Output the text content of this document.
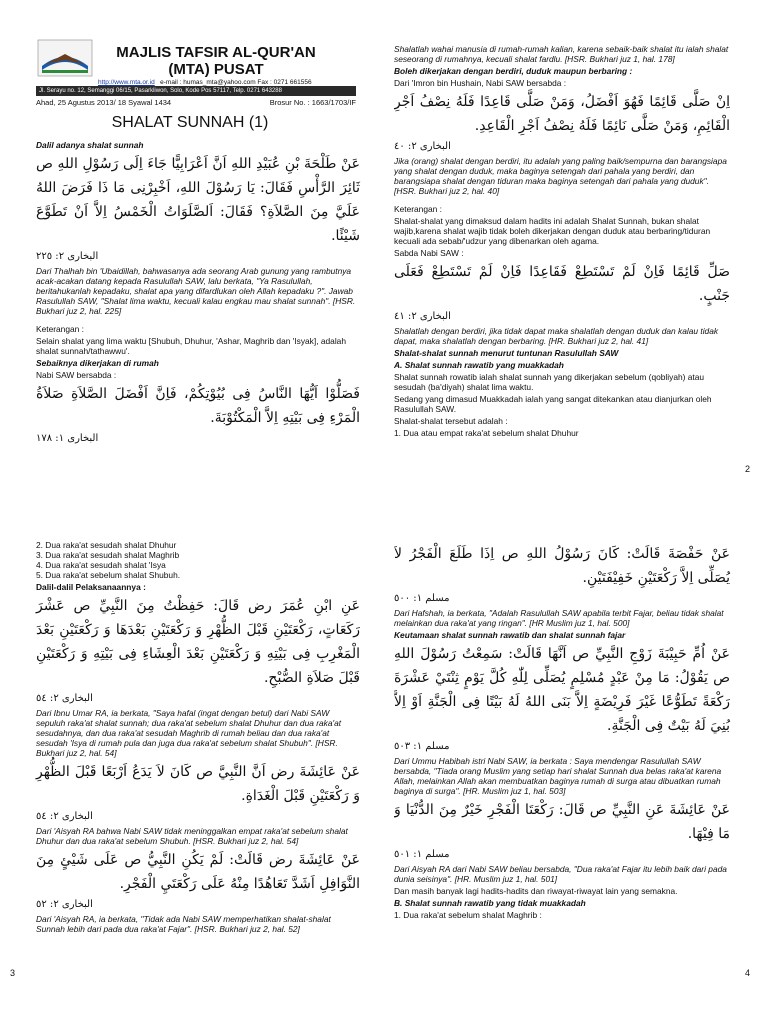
MAJLIS TAFSIR AL-QUR'AN
(MTA) PUSAT
http://www.mta.or.id e-mail : humas_mta@yahoo.com Fax : 0271 661556
Jl. Serayu no. 12, Semanggi 06/15, Pasarkliwon, Solo, Kode Pos 57117, Telp. 0271 643288
Ahad, 25 Agustus 2013/ 18 Syawal 1434	Brosur No. : 1663/1703/IF
SHALAT SUNNAH (1)
Dalil adanya shalat sunnah
عَنْ طَلْحَةَ بْنِ عُبَيْدِ اللهِ اَنَّ اَعْرَابِيًّا جَاءَ اِلَى رَسُوْلِ اللهِ ص ثَائِرَ الرَّأْسِ فَقَالَ: يَا رَسُوْلَ اللهِ، اَخْبِرْنِى مَا ذَا فَرَضَ اللهُ عَلَيَّ مِنَ الصَّلاَةِ؟ فَقَالَ: اَلصَّلَوَاتُ الْخَمْسُ اِلاَّ اَنْ تَطَوَّعَ شَيْئًا.
البخارى ٢: ٢٢٥
Dari Thalhah bin 'Ubaidillah, bahwasanya ada seorang Arab gunung yang rambutnya acak-acakan datang kepada Rasulullah SAW, lalu berkata, "Ya Rasulullah, beritahukanlah kepadaku, shalat apa yang difardlukan oleh Allah kepadaku ?". Jawab Rasulullah SAW, "Shalat lima waktu, kecuali kalau engkau mau shalat sunnah". [HSR. Bukhari juz 2, hal. 225]
Keterangan :
Selain shalat yang lima waktu [Shubuh, Dhuhur, 'Ashar, Maghrib dan 'Isyak], adalah shalat sunnah/tathawwu'.
Sebaiknya dikerjakan di rumah
Nabi SAW bersabda :
فَصَلُّوْا اَيُّهَا النَّاسُ فِى بُيُوْتِكُمْ، فَاِنَّ اَفْضَلَ الصَّلاَةِ صَلاَةُ الْمَرْءِ فِى بَيْتِهِ اِلاَّ الْمَكْتُوْبَةَ.
البخارى ١: ١٧٨
Shalatlah wahai manusia di rumah-rumah kalian, karena sebaik-baik shalat itu ialah shalat seseorang di rumahnya, kecuali shalat fardlu. [HSR. Bukhari juz 1, hal. 178]
Boleh dikerjakan dengan berdiri, duduk maupun berbaring :
Dari 'Imron bin Hushain, Nabi SAW bersabda :
اِنْ صَلَّى قَائِمًا فَهُوَ اَفْضَلُ، وَمَنْ صَلَّى قَاعِدًا فَلَهُ نِصْفُ اَجْرِ الْقَائِمِ، وَمَنْ صَلَّى نَائِمًا فَلَهُ نِصْفُ اَجْرِ الْقَاعِدِ.
البخارى ٢: ٤٠
Jika (orang) shalat dengan berdiri, itu adalah yang paling baik/sempurna dan barangsiapa yang shalat dengan duduk, maka baginya setengah dari pahala yang berdiri, dan barangsiapa shalat dengan tiduran maka baginya setengah dari pahala yang duduk". [HSR. Bukhari juz 2, hal. 40]
Keterangan :
Shalat-shalat yang dimaksud dalam hadits ini adalah Shalat Sunnah, bukan shalat wajib,karena shalat wajib tidak boleh dikerjakan dengan duduk atau berbaring/tiduran kecuali ada sebab/'udzur yang dibenarkan oleh agama.
Sabda Nabi SAW :
صَلِّ قَائِمًا فَاِنْ لَمْ تَسْتَطِعْ فَقَاعِدًا فَاِنْ لَمْ تَسْتَطِعْ فَعَلَى جَنْبٍ.
البخارى ٢: ٤١
Shalatlah dengan berdiri, jika tidak dapat maka shalatlah dengan duduk dan kalau tidak dapat, maka shalatlah dengan berbaring. [HR. Bukhari juz 2, hal. 41]
Shalat-shalat sunnah menurut tuntunan Rasulullah SAW
A. Shalat sunnah rawatib yang muakkadah
Shalat sunnah rowatib ialah shalat sunnah yang dikerjakan sebelum (qobliyah) atau sesudah (ba'diyah) shalat lima waktu.
Sedang yang dimasud Muakkadah ialah yang sangat ditekankan atau dianjurkan oleh Rasulullah SAW.
Shalat-shalat tersebut adalah :
1. Dua atau empat raka'at sebelum shalat Dhuhur
2
2. Dua raka'at sesudah shalat Dhuhur
3. Dua raka'at sesudah shalat Maghrib
4. Dua raka'at sesudah shalat 'Isya
5. Dua raka'at sebelum shalat Shubuh.
Dalil-dalil Pelaksanaannya :
عَنِ ابْنِ عُمَرَ رض قَالَ: حَفِظْتُ مِنَ النَّبِيِّ ص عَشْرَ رَكَعَاتٍ، رَكْعَتَيْنِ قَبْلَ الظُّهْرِ وَ رَكْعَتَيْنِ بَعْدَهَا وَ رَكْعَتَيْنِ بَعْدَ الْمَغْرِبِ فِى بَيْتِهِ وَ رَكْعَتَيْنِ بَعْدَ الْعِشَاءِ فِى بَيْتِهِ وَ رَكْعَتَيْنِ قَبْلَ صَلاَةِ الصُّبْحِ.
البخارى ٢: ٥٤
Dari Ibnu Umar RA, ia berkata, "Saya hafal (ingat dengan betul) dari Nabi SAW sepuluh raka'at shalat sunnah; dua raka'at sebelum shalat Dhuhur dan dua raka'at sesudahnya, dan dua raka'at sesudah Maghrib di rumah beliau dan dua raka'at sesudah 'Isya di rumah pula dan juga dua raka'at sebelum shalat Shubuh". [HSR. Bukhari juz 2, hal. 54]
عَنْ عَائِشَةَ رض اَنَّ النَّبِيَّ ص كَانَ لاَ يَدَعُ اَرْبَعًا قَبْلَ الظُّهْرِ وَ رَكْعَتَيْنِ قَبْلَ الْغَدَاةِ.
البخارى ٢: ٥٤
Dari 'Aisyah RA bahwa Nabi SAW tidak meninggalkan empat raka'at sebelum shalat Dhuhur dan dua raka'at sebelum Shubuh. [HSR. Bukhari juz 2, hal. 54]
عَنْ عَائِشَةَ رض قَالَتْ: لَمْ يَكُنِ النَّبِيُّ ص عَلَى شَيْئٍ مِنَ النَّوَافِلِ اَشَدَّ تَعَاهُدًا مِنْهُ عَلَى رَكْعَتَيِ الْفَجْرِ.
البخارى ٢: ٥٢
Dari 'Aisyah RA, ia berkata, "Tidak ada Nabi SAW memperhatikan shalat-shalat Sunnah lebih dari pada dua raka'at Fajar". [HSR. Bukhari juz 2, hal. 52]
3
عَنْ حَفْصَةَ قَالَتْ: كَانَ رَسُوْلُ اللهِ ص اِذَا طَلَعَ الْفَجْرُ لاَ يُصَلِّى اِلاَّ رَكْعَتَيْنِ خَفِيْفَتَيْنِ.
مسلم ١: ٥٠٠
Dari Hafshah, ia berkata, "Adalah Rasulullah SAW apabila terbit Fajar, beliau tidak shalat melainkan dua raka'at yang ringan". [HR Muslim juz 1, hal. 500]
Keutamaan shalat sunnah rawatib dan shalat sunnah fajar
عَنْ اُمِّ حَبِيْبَةَ زَوْجِ النَّبِيِّ ص اَنَّهَا قَالَتْ: سَمِعْتُ رَسُوْلَ اللهِ ص يَقُوْلُ: مَا مِنْ عَبْدٍ مُسْلِمٍ يُصَلِّى لِلّٰهِ كُلَّ يَوْمٍ ثِنْتَيْ عَشْرَةَ رَكْعَةً تَطَوُّعًا غَيْرَ فَرِيْضَةٍ اِلاَّ بَنَى اللهُ لَهُ بَيْتًا فِى الْجَنَّةِ اَوْ اِلاَّ بُنِيَ لَهُ بَيْتٌ فِى الْجَنَّةِ.
مسلم ١: ٥٠٣
Dari Ummu Habibah istri Nabi SAW, ia berkata : Saya mendengar Rasulullah SAW bersabda, "Tiada orang Muslim yang setiap hari shalat Sunnah dua belas raka'at karena Allah, melainkan Allah akan membuatkan baginya rumah di surga atau dibuatkan rumah baginya di surga". [HR. Muslim juz 1, hal. 503]
عَنْ عَائِشَةَ عَنِ النَّبِيِّ ص قَالَ: رَكْعَتَا الْفَجْرِ خَيْرٌ مِنَ الدُّنْيَا وَ مَا فِيْهَا.
مسلم ١: ٥٠١
Dari Aisyah RA dari Nabi SAW beliau bersabda, "Dua raka'at Fajar itu lebih baik dari pada dunia seisinya". [HR. Muslim juz 1, hal. 501]
Dan masih banyak lagi hadits-hadits dan riwayat-riwayat lain yang semakna.
B. Shalat sunnah rawatib yang tidak muakkadah
1. Dua raka'at sebelum shalat Maghrib :
4
